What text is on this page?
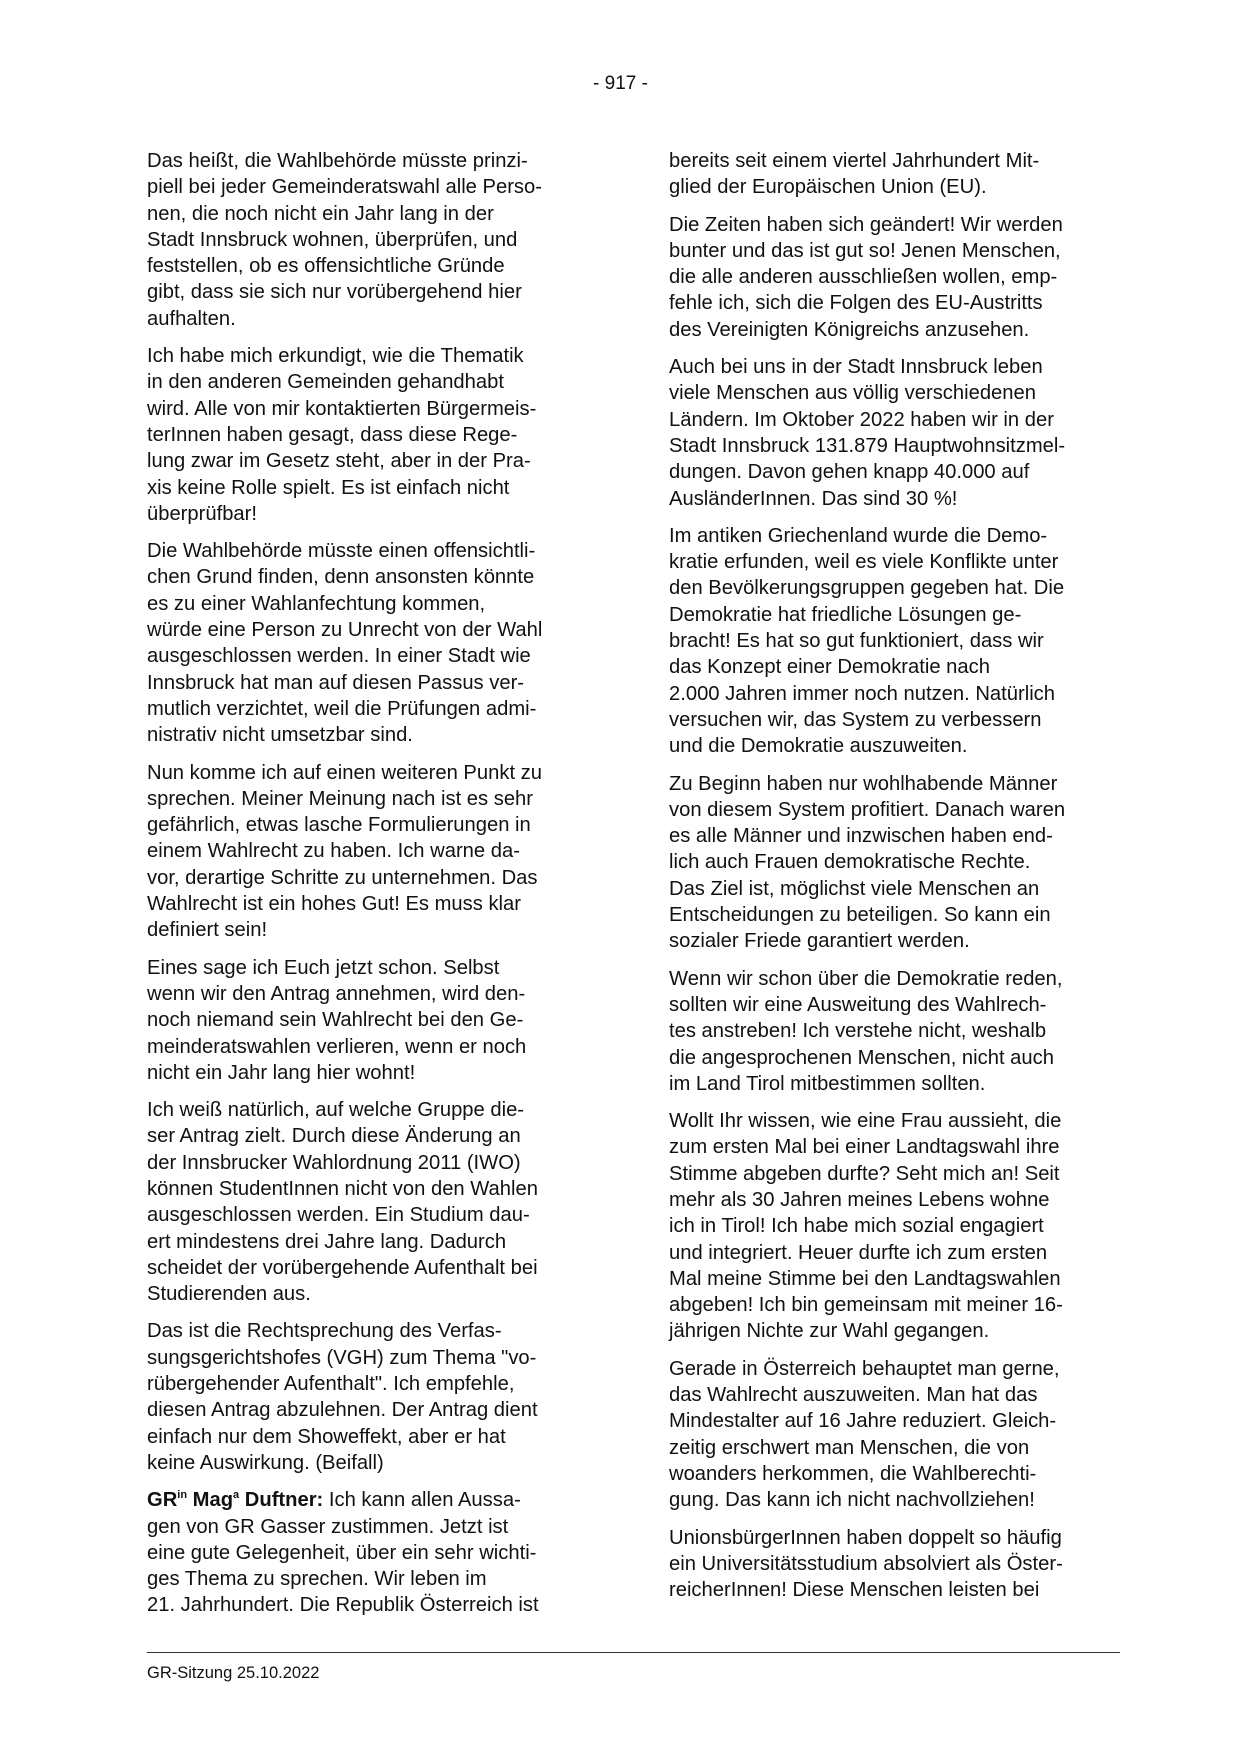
- 917 -
Das heißt, die Wahlbehörde müsste prinzi-
piell bei jeder Gemeinderatswahl alle Perso-
nen, die noch nicht ein Jahr lang in der
Stadt Innsbruck wohnen, überprüfen, und
feststellen, ob es offensichtliche Gründe
gibt, dass sie sich nur vorübergehend hier
aufhalten.
Ich habe mich erkundigt, wie die Thematik
in den anderen Gemeinden gehandhabt
wird. Alle von mir kontaktierten Bürgermeis-
terInnen haben gesagt, dass diese Rege-
lung zwar im Gesetz steht, aber in der Pra-
xis keine Rolle spielt. Es ist einfach nicht
überprüfbar!
Die Wahlbehörde müsste einen offensichtli-
chen Grund finden, denn ansonsten könnte
es zu einer Wahlanfechtung kommen,
würde eine Person zu Unrecht von der Wahl
ausgeschlossen werden. In einer Stadt wie
Innsbruck hat man auf diesen Passus ver-
mutlich verzichtet, weil die Prüfungen admi-
nistrativ nicht umsetzbar sind.
Nun komme ich auf einen weiteren Punkt zu
sprechen. Meiner Meinung nach ist es sehr
gefährlich, etwas lasche Formulierungen in
einem Wahlrecht zu haben. Ich warne da-
vor, derartige Schritte zu unternehmen. Das
Wahlrecht ist ein hohes Gut! Es muss klar
definiert sein!
Eines sage ich Euch jetzt schon. Selbst
wenn wir den Antrag annehmen, wird den-
noch niemand sein Wahlrecht bei den Ge-
meinderatswahlen verlieren, wenn er noch
nicht ein Jahr lang hier wohnt!
Ich weiß natürlich, auf welche Gruppe die-
ser Antrag zielt. Durch diese Änderung an
der Innsbrucker Wahlordnung 2011 (IWO)
können StudentInnen nicht von den Wahlen
ausgeschlossen werden. Ein Studium dau-
ert mindestens drei Jahre lang. Dadurch
scheidet der vorübergehende Aufenthalt bei
Studierenden aus.
Das ist die Rechtsprechung des Verfas-
sungsgerichtshofes (VGH) zum Thema "vo-
rübergehender Aufenthalt". Ich empfehle,
diesen Antrag abzulehnen. Der Antrag dient
einfach nur dem Showeffekt, aber er hat
keine Auswirkung. (Beifall)
$GR^{in}$ Mag$^a$ Duftner: Ich kann allen Aussa-
gen von GR Gasser zustimmen. Jetzt ist
eine gute Gelegenheit, über ein sehr wichti-
ges Thema zu sprechen. Wir leben im
21. Jahrhundert. Die Republik Österreich ist
bereits seit einem viertel Jahrhundert Mit-
glied der Europäischen Union (EU).
Die Zeiten haben sich geändert! Wir werden
bunter und das ist gut so! Jenen Menschen,
die alle anderen ausschließen wollen, emp-
fehle ich, sich die Folgen des EU-Austritts
des Vereinigten Königreichs anzusehen.
Auch bei uns in der Stadt Innsbruck leben
viele Menschen aus völlig verschiedenen
Ländern. Im Oktober 2022 haben wir in der
Stadt Innsbruck 131.879 Hauptwohnsitzmel-
dungen. Davon gehen knapp 40.000 auf
AusländerInnen. Das sind 30 %!
Im antiken Griechenland wurde die Demo-
kratie erfunden, weil es viele Konflikte unter
den Bevölkerungsgruppen gegeben hat. Die
Demokratie hat friedliche Lösungen ge-
bracht! Es hat so gut funktioniert, dass wir
das Konzept einer Demokratie nach
2.000 Jahren immer noch nutzen. Natürlich
versuchen wir, das System zu verbessern
und die Demokratie auszuweiten.
Zu Beginn haben nur wohlhabende Männer
von diesem System profitiert. Danach waren
es alle Männer und inzwischen haben end-
lich auch Frauen demokratische Rechte.
Das Ziel ist, möglichst viele Menschen an
Entscheidungen zu beteiligen. So kann ein
sozialer Friede garantiert werden.
Wenn wir schon über die Demokratie reden,
sollten wir eine Ausweitung des Wahlrech-
tes anstreben! Ich verstehe nicht, weshalb
die angesprochenen Menschen, nicht auch
im Land Tirol mitbestimmen sollten.
Wollt Ihr wissen, wie eine Frau aussieht, die
zum ersten Mal bei einer Landtagswahl ihre
Stimme abgeben durfte? Seht mich an! Seit
mehr als 30 Jahren meines Lebens wohne
ich in Tirol! Ich habe mich sozial engagiert
und integriert. Heuer durfte ich zum ersten
Mal meine Stimme bei den Landtagswahlen
abgeben! Ich bin gemeinsam mit meiner 16-
jährigen Nichte zur Wahl gegangen.
Gerade in Österreich behauptet man gerne,
das Wahlrecht auszuweiten. Man hat das
Mindestalter auf 16 Jahre reduziert. Gleich-
zeitig erschwert man Menschen, die von
woanders herkommen, die Wahlberechti-
gung. Das kann ich nicht nachvollziehen!
UnionsbürgerInnen haben doppelt so häufig
ein Universitätsstudium absolviert als Öster-
reicherInnen! Diese Menschen leisten bei
GR-Sitzung 25.10.2022
